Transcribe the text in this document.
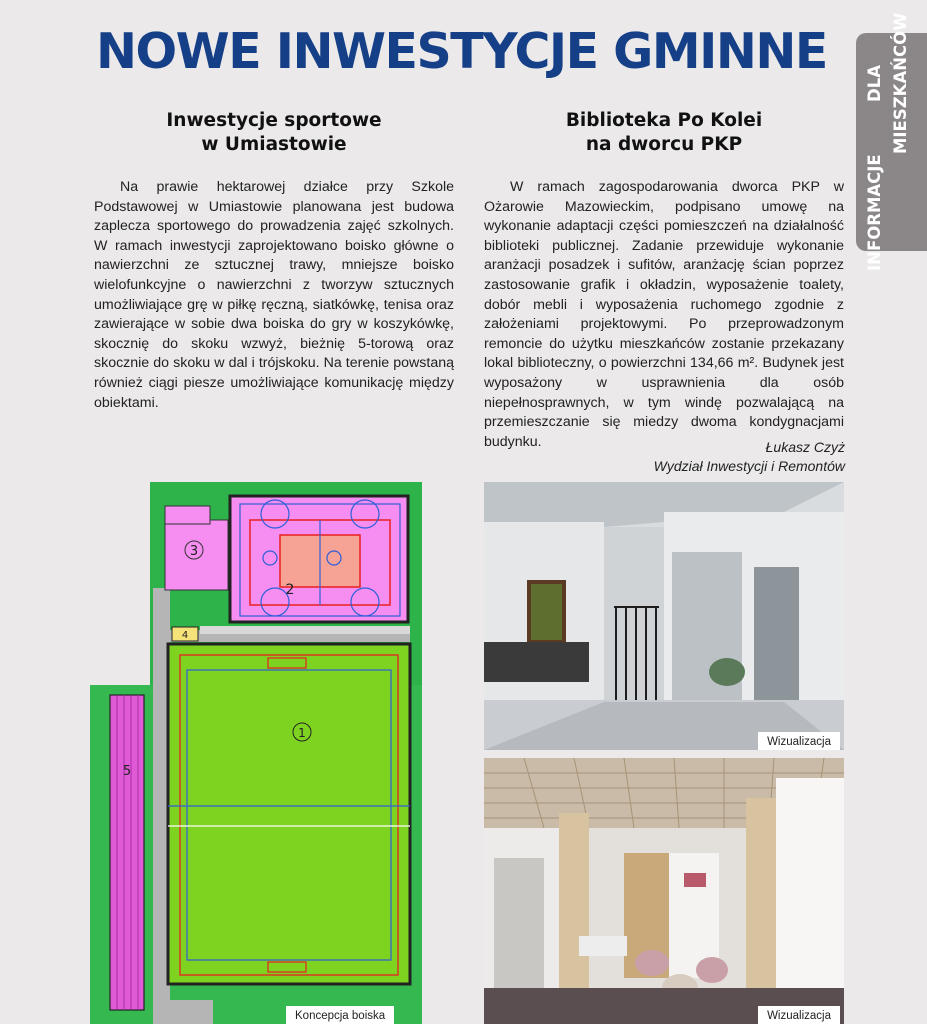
NOWE INWESTYCJE GMINNE
INFORMACJE
DLA MIESZKAŃCÓW
Inwestycje sportowe
w Umiastowie

Na prawie hektarowej działce przy Szkole Podstawowej w Umiastowie planowana jest budowa zaplecza sportowego do prowadzenia zajęć szkolnych. W ramach inwestycji zaprojektowano boisko główne o nawierzchni ze sztucznej trawy, mniejsze boisko wielofunkcyjne o nawierzchni z tworzyw sztucznych umożliwiające grę w piłkę ręczną, siatkówkę, tenisa oraz zawierające w sobie dwa boiska do gry w koszykówkę, skocznię do skoku wzwyż, bieżnię 5-torową oraz skocznie do skoku w dal i trójskoku. Na terenie powstaną również ciągi piesze umożliwiające komunikację między obiektami.

Biblioteka Po Kolei
na dworcu PKP

W ramach zagospodarowania dworca PKP w Ożarowie Mazowieckim, podpisano umowę na wykonanie adaptacji części pomieszczeń na działalność biblioteki publicznej. Zadanie przewiduje wykonanie aranżacji posadzek i sufitów, aranżację ścian poprzez zastosowanie grafik i okładzin, wyposażenie toalety, dobór mebli i wyposażenia ruchomego zgodnie z założeniami projektowymi. Po przeprowadzonym remoncie do użytku mieszkańców zostanie przekazany lokal biblioteczny, o powierzchni 134,66 m². Budynek jest wyposażony w usprawnienia dla osób niepełnosprawnych, w tym windę pozwalającą na przemieszczanie się miedzy dwoma kondygnacjami budynku.	Łukasz Czyż
Wydział Inwestycji i Remontów
3
2
4
1
5
Koncepcja boiska
Wizualizacja
Wizualizacja
